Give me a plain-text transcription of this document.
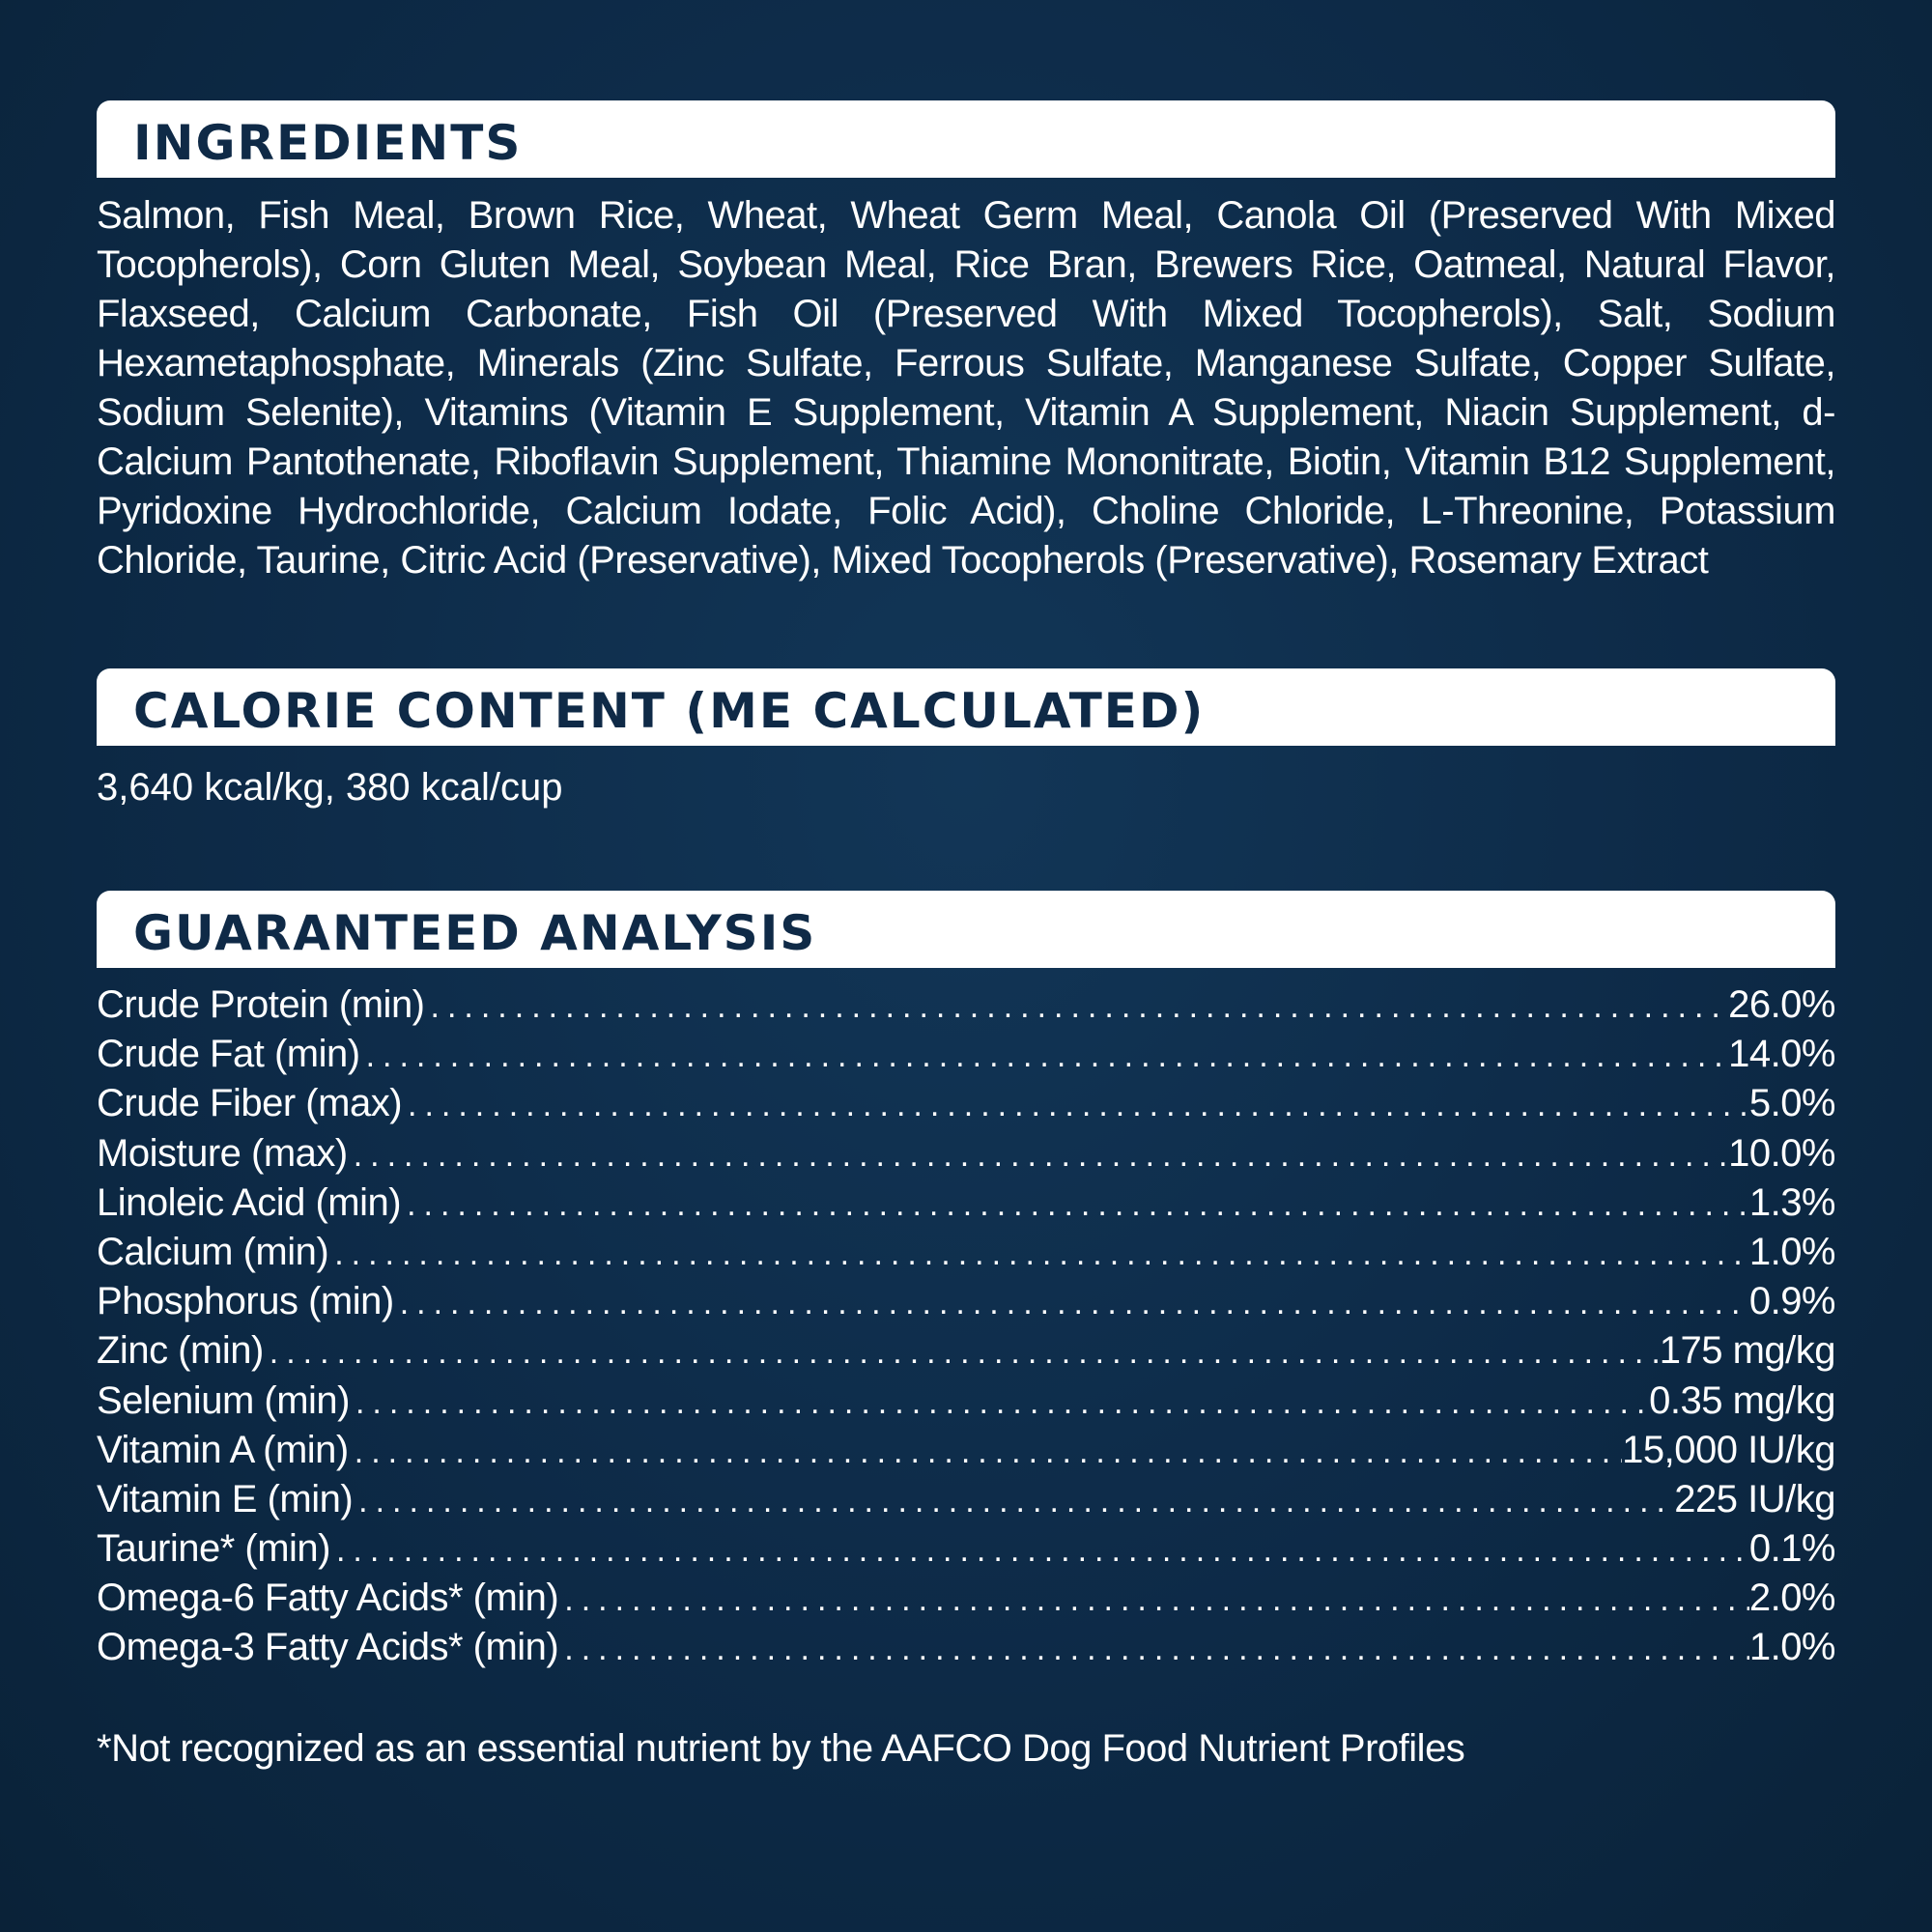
INGREDIENTS

Salmon, Fish Meal, Brown Rice, Wheat, Wheat Germ Meal, Canola Oil (Preserved With Mixed Tocopherols), Corn Gluten Meal, Soybean Meal, Rice Bran, Brewers Rice, Oatmeal, Natural Flavor, Flaxseed, Calcium Carbonate, Fish Oil (Preserved With Mixed Tocopherols), Salt, Sodium Hexametaphosphate, Minerals (Zinc Sulfate, Ferrous Sulfate, Manganese Sulfate, Copper Sulfate, Sodium Selenite), Vitamins (Vitamin E Supplement, Vitamin A Supplement, Niacin Supplement, d-Calcium Pantothenate, Riboflavin Supplement, Thiamine Mononitrate, Biotin, Vitamin B12 Supplement, Pyridoxine Hydrochloride, Calcium Iodate, Folic Acid), Choline Chloride, L-Threonine, Potassium Chloride, Taurine, Citric Acid (Preservative), Mixed Tocopherols (Preservative), Rosemary Extract

CALORIE CONTENT (ME CALCULATED)

3,640 kcal/kg, 380 kcal/cup

GUARANTEED ANALYSIS
Crude Protein (min) .....	26.0%
Crude Fat (min) .....	14.0%
Crude Fiber (max) .....	5.0%
Moisture (max) .....	10.0%
Linoleic Acid (min) .....	1.3%
Calcium (min) .....	1.0%
Phosphorus (min) .....	0.9%
Zinc (min) .....	175 mg/kg
Selenium (min) .....	0.35 mg/kg
Vitamin A (min) .....	15,000 IU/kg
Vitamin E (min) .....	225 IU/kg
Taurine* (min) .....	0.1%
Omega-6 Fatty Acids* (min) .....	2.0%
Omega-3 Fatty Acids* (min) .....	1.0%

*Not recognized as an essential nutrient by the AAFCO Dog Food Nutrient Profiles
